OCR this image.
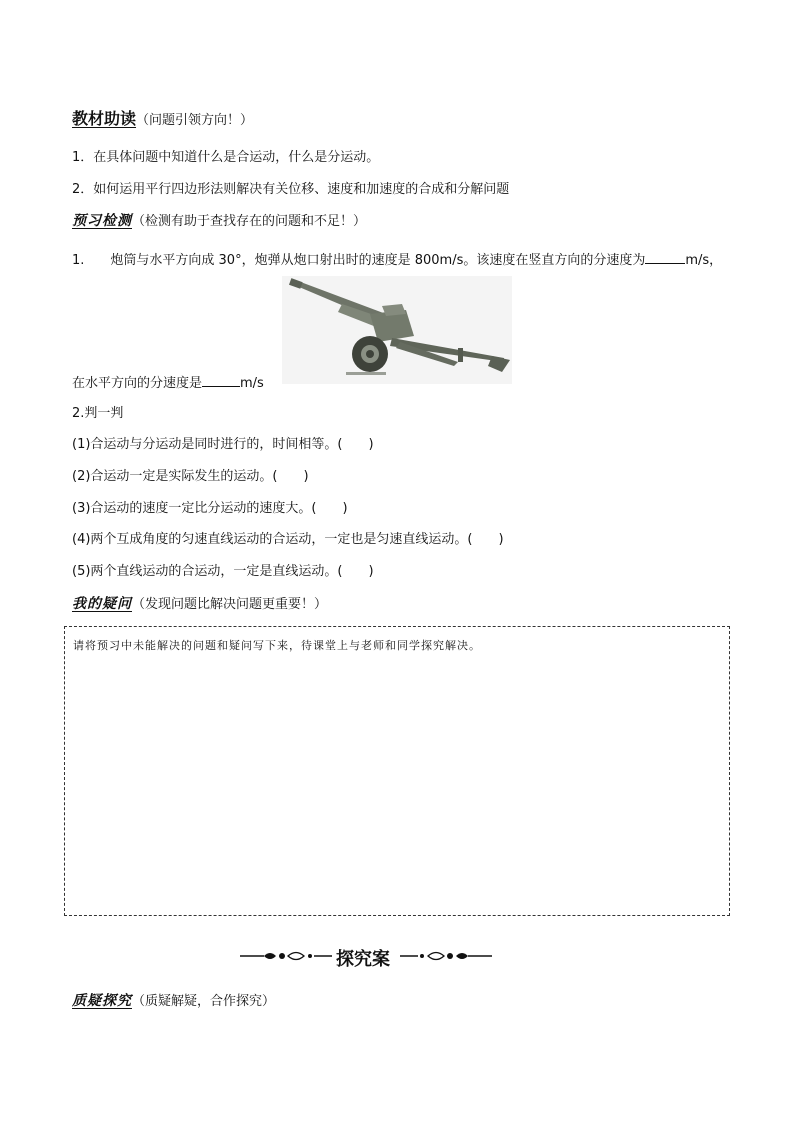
教材助读（问题引领方向！）
1．在具体问题中知道什么是合运动，什么是分运动。
2．如何运用平行四边形法则解决有关位移、速度和加速度的合成和分解问题
预习检测（检测有助于查找存在的问题和不足！）
1. 炮筒与水平方向成 30°，炮弹从炮口射出时的速度是 800m/s。该速度在竖直方向的分速度为	m/s，
在水平方向的分速度是	m/s
2.判一判
(1)合运动与分运动是同时进行的，时间相等。(　　)
(2)合运动一定是实际发生的运动。(　　)
(3)合运动的速度一定比分运动的速度大。(　　)
(4)两个互成角度的匀速直线运动的合运动，一定也是匀速直线运动。(　　)
(5)两个直线运动的合运动，一定是直线运动。(　　)
我的疑问（发现问题比解决问题更重要！）
请将预习中未能解决的问题和疑问写下来，待课堂上与老师和同学探究解决。
探究案
质疑探究（质疑解疑，合作探究）
